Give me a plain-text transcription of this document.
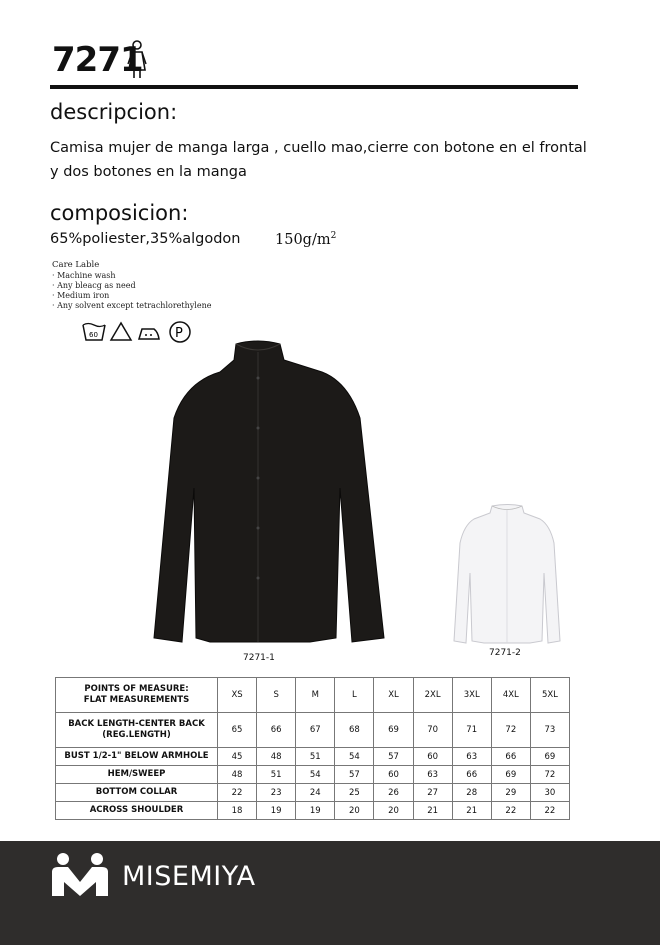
7271
descripcion:
Camisa mujer de manga larga , cuello mao,cierre con botone en el frontal
y dos botones en la manga
composicion:
65%poliester,35%algodon $150g/m^2$
Care Lable
· Machine wash
· Any bleacg as need
· Medium iron
· Any solvent except tetrachlorethylene
60	P
7271-1	7271-2
POINTS OF MEASURE:
FLAT MEASUREMENTS	XS	S	M	L	XL	2XL	3XL	4XL	5XL

BACK LENGTH-CENTER BACK
(REG.LENGTH)	65	66	67	68	69	70	71	72	73
BUST 1/2-1" BELOW ARMHOLE	45	48	51	54	57	60	63	66	69
HEM/SWEEP	48	51	54	57	60	63	66	69	72
BOTTOM COLLAR	22	23	24	25	26	27	28	29	30
ACROSS SHOULDER	18	19	19	20	20	21	21	22	22
MISEMIYA
